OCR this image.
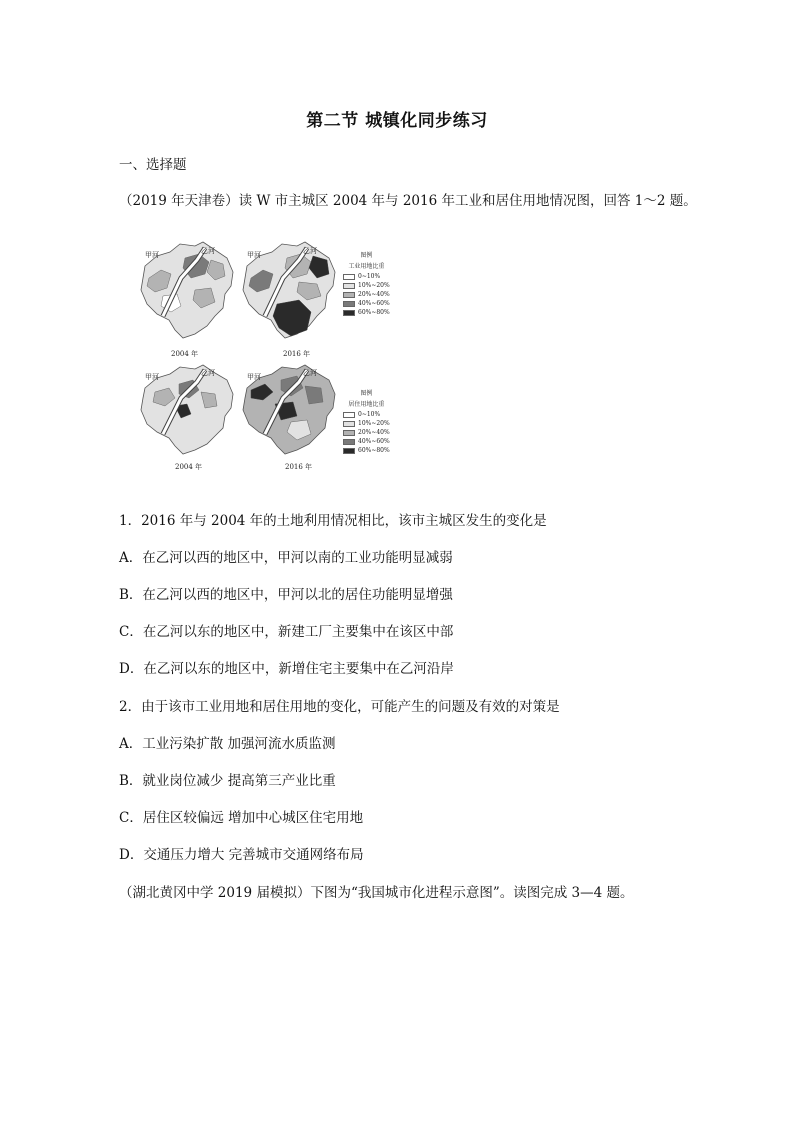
第二节 城镇化同步练习
一、选择题
（2019 年天津卷）读 W 市主城区 2004 年与 2016 年工业和居住用地情况图，回答 1～2 题。
甲河	乙河
2004 年
甲河	乙河
2016 年
图例
工业用地比重
0~10%
10%~20%
20%~40%
40%~60%
60%~80%
甲河	乙河
2004 年
甲河	乙河
2016 年
图例
居住用地比重
0~10%
10%~20%
20%~40%
40%~60%
60%~80%
1．2016 年与 2004 年的土地利用情况相比，该市主城区发生的变化是
A．在乙河以西的地区中，甲河以南的工业功能明显减弱
B．在乙河以西的地区中，甲河以北的居住功能明显增强
C．在乙河以东的地区中，新建工厂主要集中在该区中部
D．在乙河以东的地区中，新增住宅主要集中在乙河沿岸
2．由于该市工业用地和居住用地的变化，可能产生的问题及有效的对策是
A．工业污染扩散 加强河流水质监测
B．就业岗位减少 提高第三产业比重
C．居住区较偏远 增加中心城区住宅用地
D．交通压力增大 完善城市交通网络布局
（湖北黄冈中学 2019 届模拟）下图为“我国城市化进程示意图”。读图完成 3—4 题。
